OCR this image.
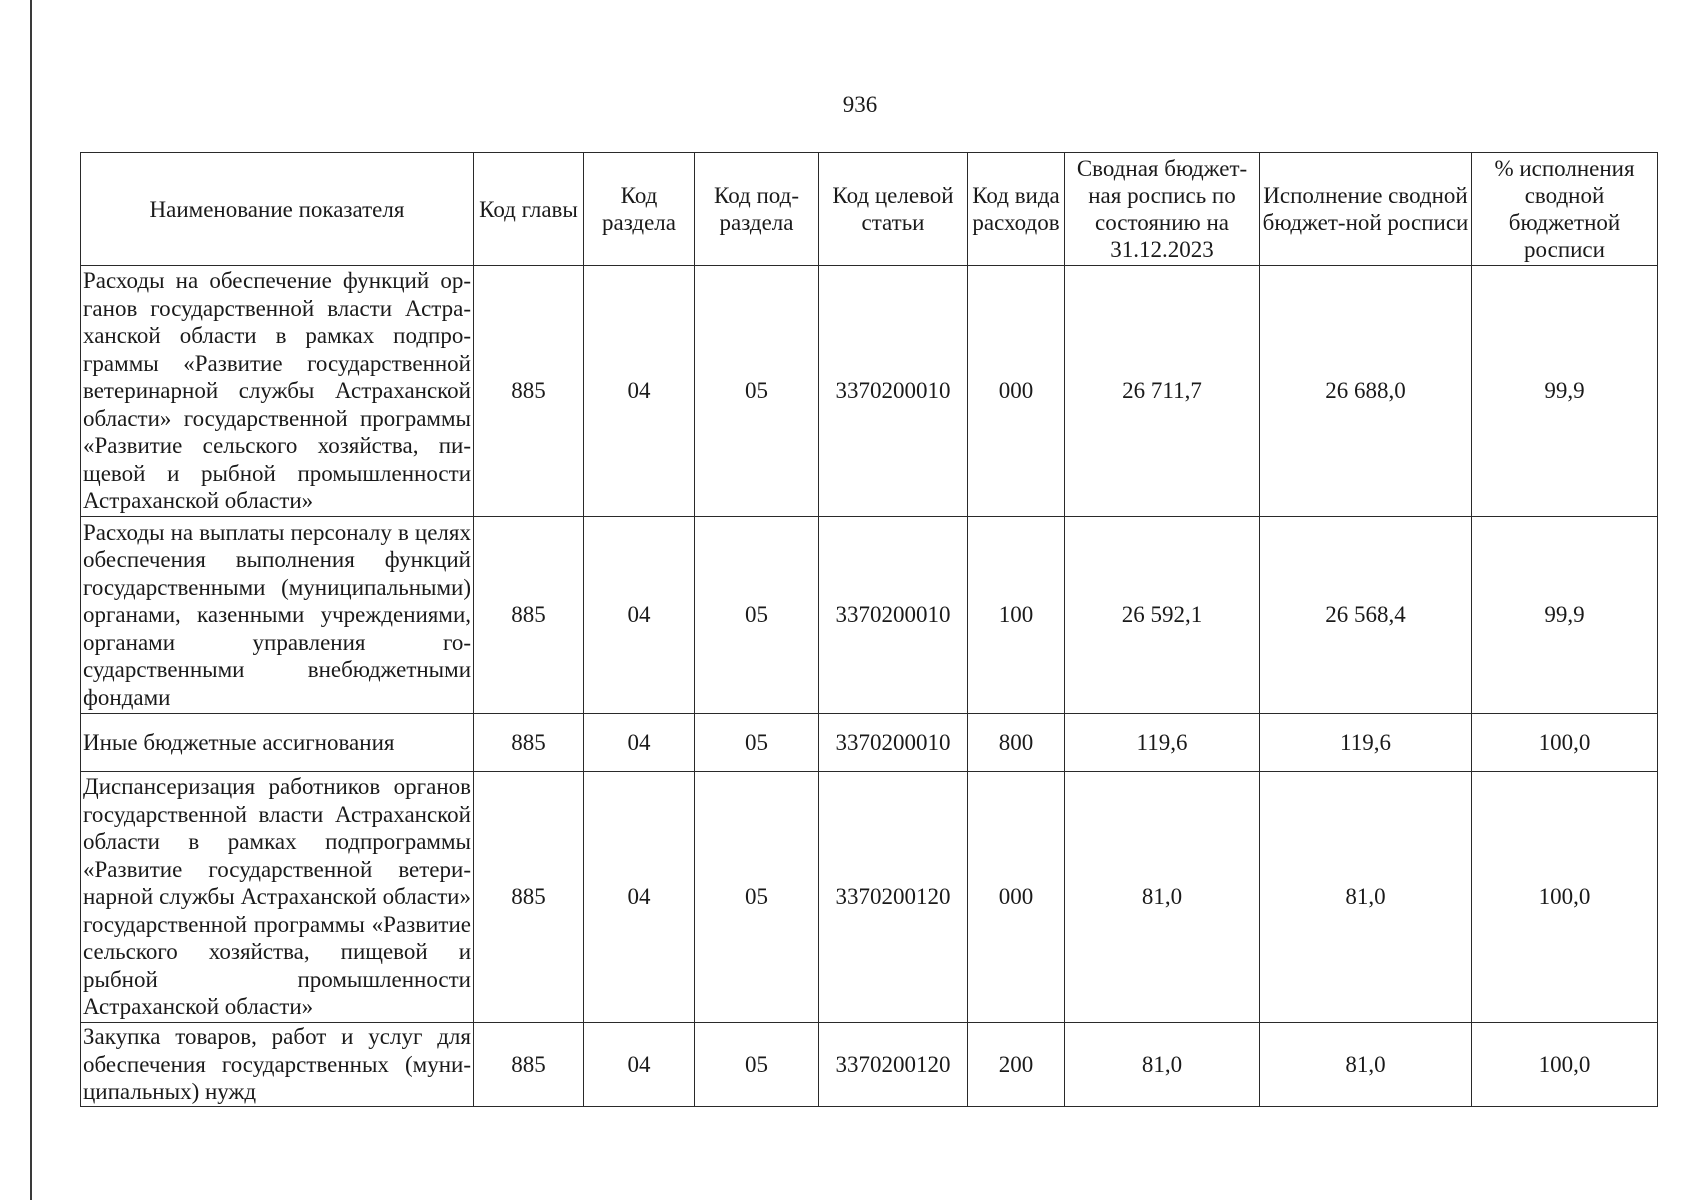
936
Наименование показателя	Код главы	Код раздела	Код под-раздела	Код целевой статьи	Код вида расходов	Сводная бюджет-ная роспись по состоянию на 31.12.2023	Исполнение сводной бюджет-ной росписи	% исполнения сводной бюджетной росписи
Расходы на обеспечение функций органов государственной власти Астраханской области в рамках подпрограммы «Развитие государственной ветеринарной службы Астраханской области» государственной программы «Развитие сельского хозяйства, пищевой и рыбной промышленности Астраханской области»	885	04	05	3370200010	000	26 711,7	26 688,0	99,9
Расходы на выплаты персоналу в целях обеспечения выполнения функций государственными (муниципальными) органами, казенными учреждениями, органами управления государственными внебюджетными фондами	885	04	05	3370200010	100	26 592,1	26 568,4	99,9
Иные бюджетные ассигнования	885	04	05	3370200010	800	119,6	119,6	100,0
Диспансеризация работников органов государственной власти Астраханской области в рамках подпрограммы «Развитие государственной ветеринарной службы Астраханской области» государственной программы «Развитие сельского хозяйства, пищевой и рыбной промышленности Астраханской области»	885	04	05	3370200120	000	81,0	81,0	100,0
Закупка товаров, работ и услуг для обеспечения государственных (муниципальных) нужд	885	04	05	3370200120	200	81,0	81,0	100,0
